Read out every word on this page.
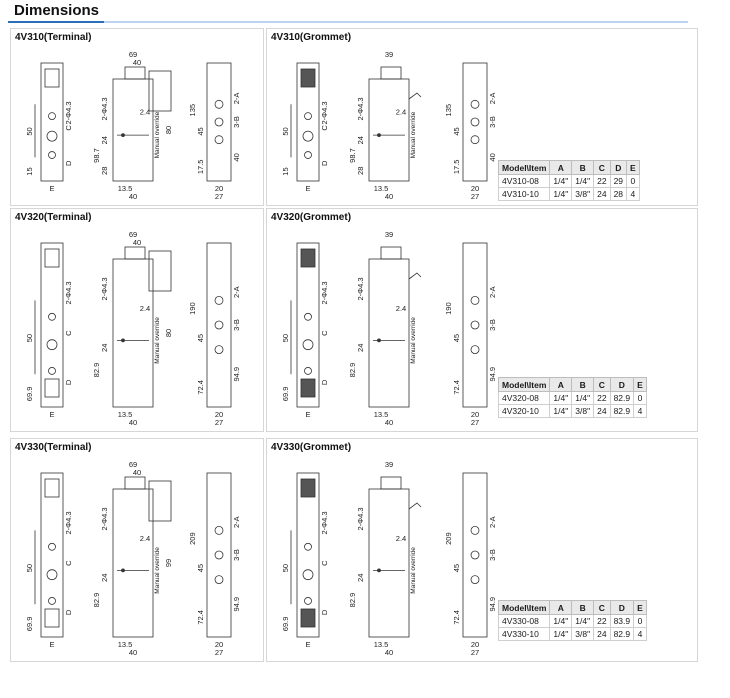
Dimensions
4V310(Terminal)
50
15
2-Φ4.3
C
D
E
69
40
2-Φ4.3
24
98.7
28
2.4 Manual override 80
13.5
40
135
2-A
3-B
45
40
17.5
20
27
4V310(Grommet)
50
15
2-Φ4.3
C
D
E
39
2-Φ4.3
24
98.7
28
2.4 Manual override
13.5
40
135
2-A
3-B
45
40
17.5
20
27
4V320(Terminal)
50
69.9
2-Φ4.3
C
D
E
69
40
2-Φ4.3
24
82.9
2.4
Manual override 80
13.5
40
190
2-A
3-B
45
94.9
72.4
20
27
4V320(Grommet)
50
69.9
2-Φ4.3
C
D
E
39
2-Φ4.3
24
82.9
2.4
Manual override
13.5
40
190
2-A
3-B
45
94.9
72.4
20
27
4V330(Terminal)
50
69.9
2-Φ4.3
C
D
E
69
40
2-Φ4.3
24
82.9
2.4
Manual override 99
13.5
40
209
2-A
3-B
45
94.9
72.4
20
27
4V330(Grommet)
50
69.9
2-Φ4.3
C
D
E
39
2-Φ4.3
24
82.9
2.4
Manual override
13.5
40
209
2-A
3-B
45
94.9
72.4
20
27
Model\Item	A	B	C	D	E
4V310-08	1/4"	1/4"	22	29	0
4V310-10	1/4"	3/8"	24	28	4
Model\Item	A	B	C	D	E
4V320-08	1/4"	1/4"	22	82.9	0
4V320-10	1/4"	3/8"	24	82.9	4
Model\Item	A	B	C	D	E
4V330-08	1/4"	1/4"	22	83.9	0
4V330-10	1/4"	3/8"	24	82.9	4
